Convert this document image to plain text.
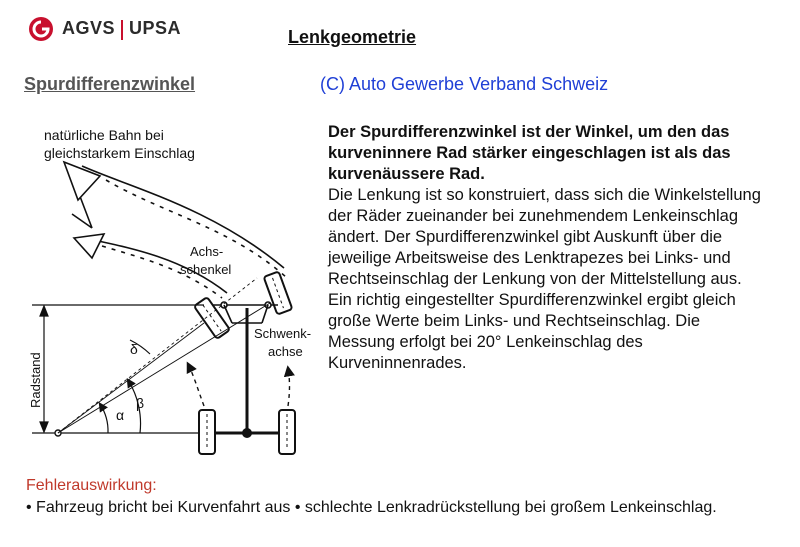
AGVS UPSA	Lenkgeometrie
Spurdifferenzwinkel	(C) Auto Gewerbe Verband Schweiz
natürliche Bahn bei
gleichstarkem Einschlag
Achs-
schenkel
Schwenk-
achse
Radstand
α
β
δ
Der Spurdifferenzwinkel ist der Winkel, um den das kurveninnere Rad stärker eingeschlagen ist als das kurvenäussere Rad.
Die Lenkung ist so konstruiert, dass sich die Winkelstellung der Räder zueinander bei zunehmendem Lenkeinschlag ändert. Der Spurdifferenzwinkel gibt Auskunft über die jeweilige Arbeitsweise des Lenktrapezes bei Links- und Rechtseinschlag der Lenkung von der Mittelstellung aus. Ein richtig eingestellter Spurdifferenzwinkel ergibt gleich große Werte beim Links- und Rechtseinschlag. Die Messung erfolgt bei 20° Lenkeinschlag des Kurveninnenrades.
Fehlerauswirkung:
• Fahrzeug bricht bei Kurvenfahrt aus • schlechte Lenkradrückstellung bei großem Lenkeinschlag.
